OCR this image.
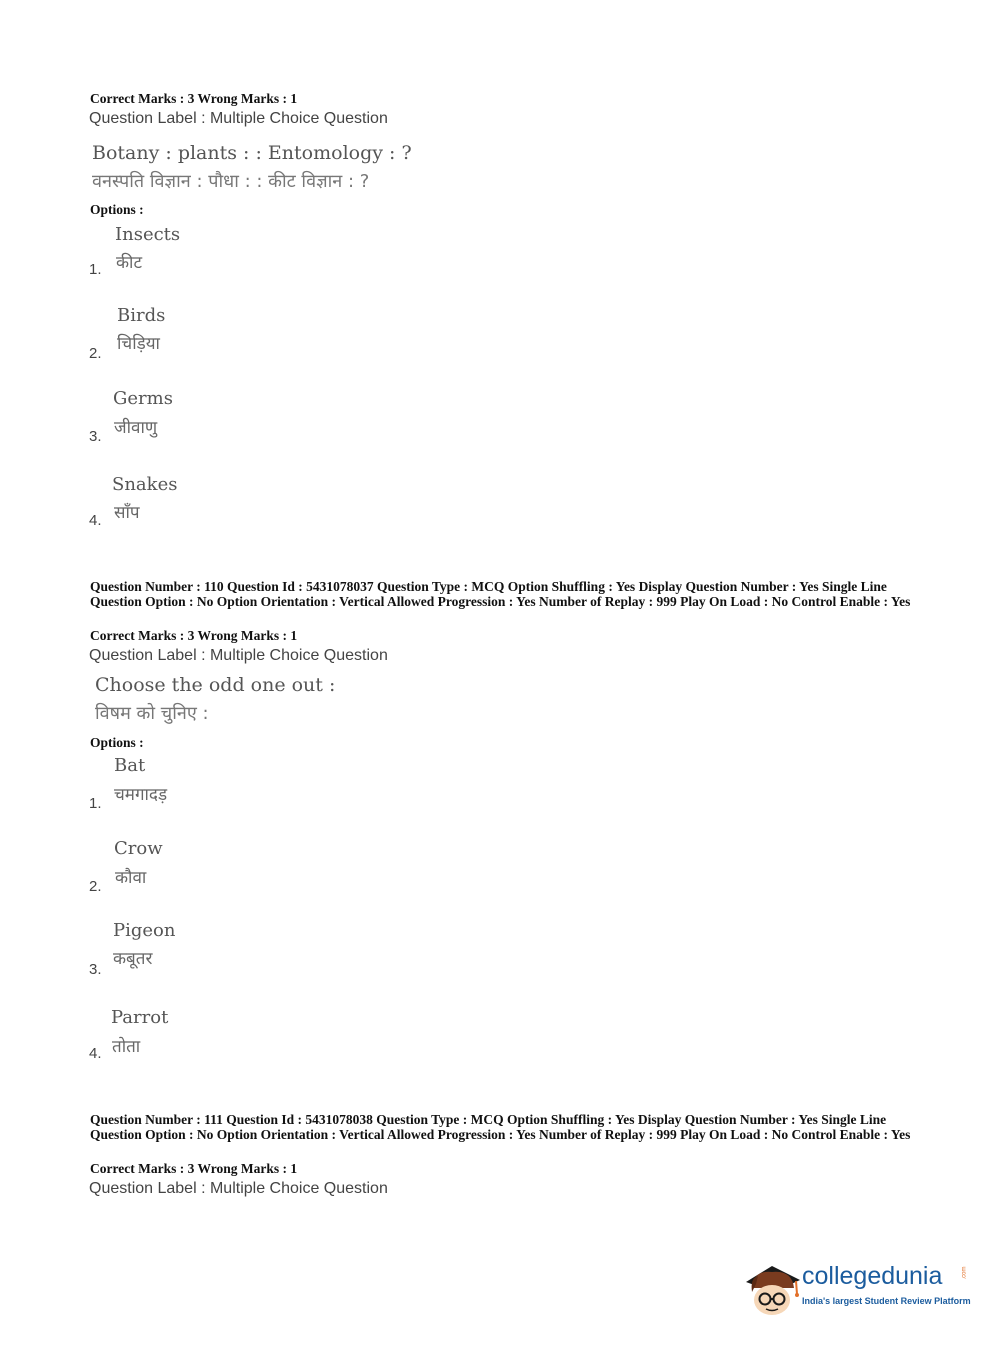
Correct Marks : 3 Wrong Marks : 1
Question Label : Multiple Choice Question
Botany : plants : : Entomology : ?
वनस्पति विज्ञान : पौधा : : कीट विज्ञान : ?
Options :
Insects
कीट
1.
Birds
चिड़िया
2.
Germs
जीवाणु
3.
Snakes
साँप
4.
Question Number : 110 Question Id : 5431078037 Question Type : MCQ Option Shuffling : Yes Display Question Number : Yes Single Line Question Option : No Option Orientation : Vertical Allowed Progression : Yes Number of Replay : 999 Play On Load : No Control Enable : Yes
Correct Marks : 3 Wrong Marks : 1
Question Label : Multiple Choice Question
Choose the odd one out :
विषम को चुनिए :
Options :
Bat
चमगादड़
1.
Crow
कौवा
2.
Pigeon
कबूतर
3.
Parrot
तोता
4.
Question Number : 111 Question Id : 5431078038 Question Type : MCQ Option Shuffling : Yes Display Question Number : Yes Single Line Question Option : No Option Orientation : Vertical Allowed Progression : Yes Number of Replay : 999 Play On Load : No Control Enable : Yes
Correct Marks : 3 Wrong Marks : 1
Question Label : Multiple Choice Question
collegedunia	.com
India's largest Student Review Platform
